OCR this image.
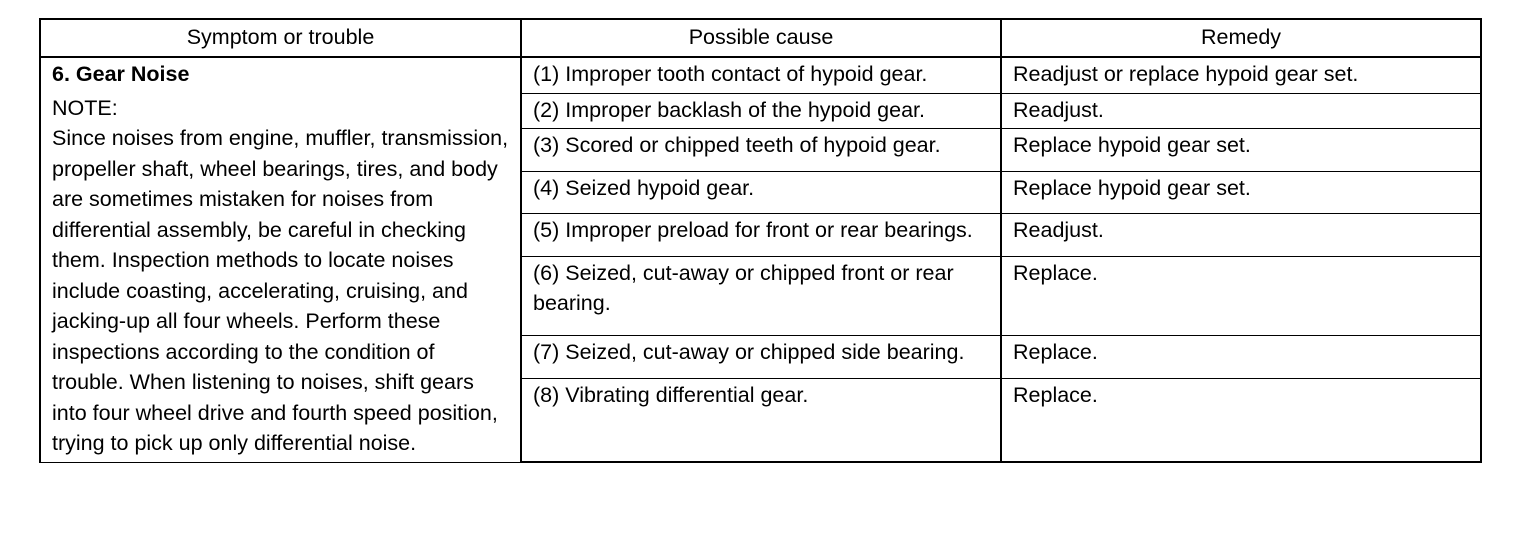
Symptom or trouble	Possible cause	Remedy

6. Gear Noise
NOTE:
Since noises from engine, muffler, transmission, propeller shaft, wheel bearings, tires, and body are sometimes mistaken for noises from differential assembly, be careful in checking them. Inspection methods to locate noises include coasting, accelerating, cruising, and jacking-up all four wheels. Perform these inspections according to the condition of trouble. When listening to noises, shift gears into four wheel drive and fourth speed position, trying to pick up only differential noise.	(1) Improper tooth contact of hypoid gear.	Readjust or replace hypoid gear set.
	(2) Improper backlash of the hypoid gear.	Readjust.
	(3) Scored or chipped teeth of hypoid gear.	Replace hypoid gear set.
	(4) Seized hypoid gear.	Replace hypoid gear set.
	(5) Improper preload for front or rear bearings.	Readjust.
	(6) Seized, cut-away or chipped front or rear bearing.	Replace.
	(7) Seized, cut-away or chipped side bearing.	Replace.
	(8) Vibrating differential gear.	Replace.
